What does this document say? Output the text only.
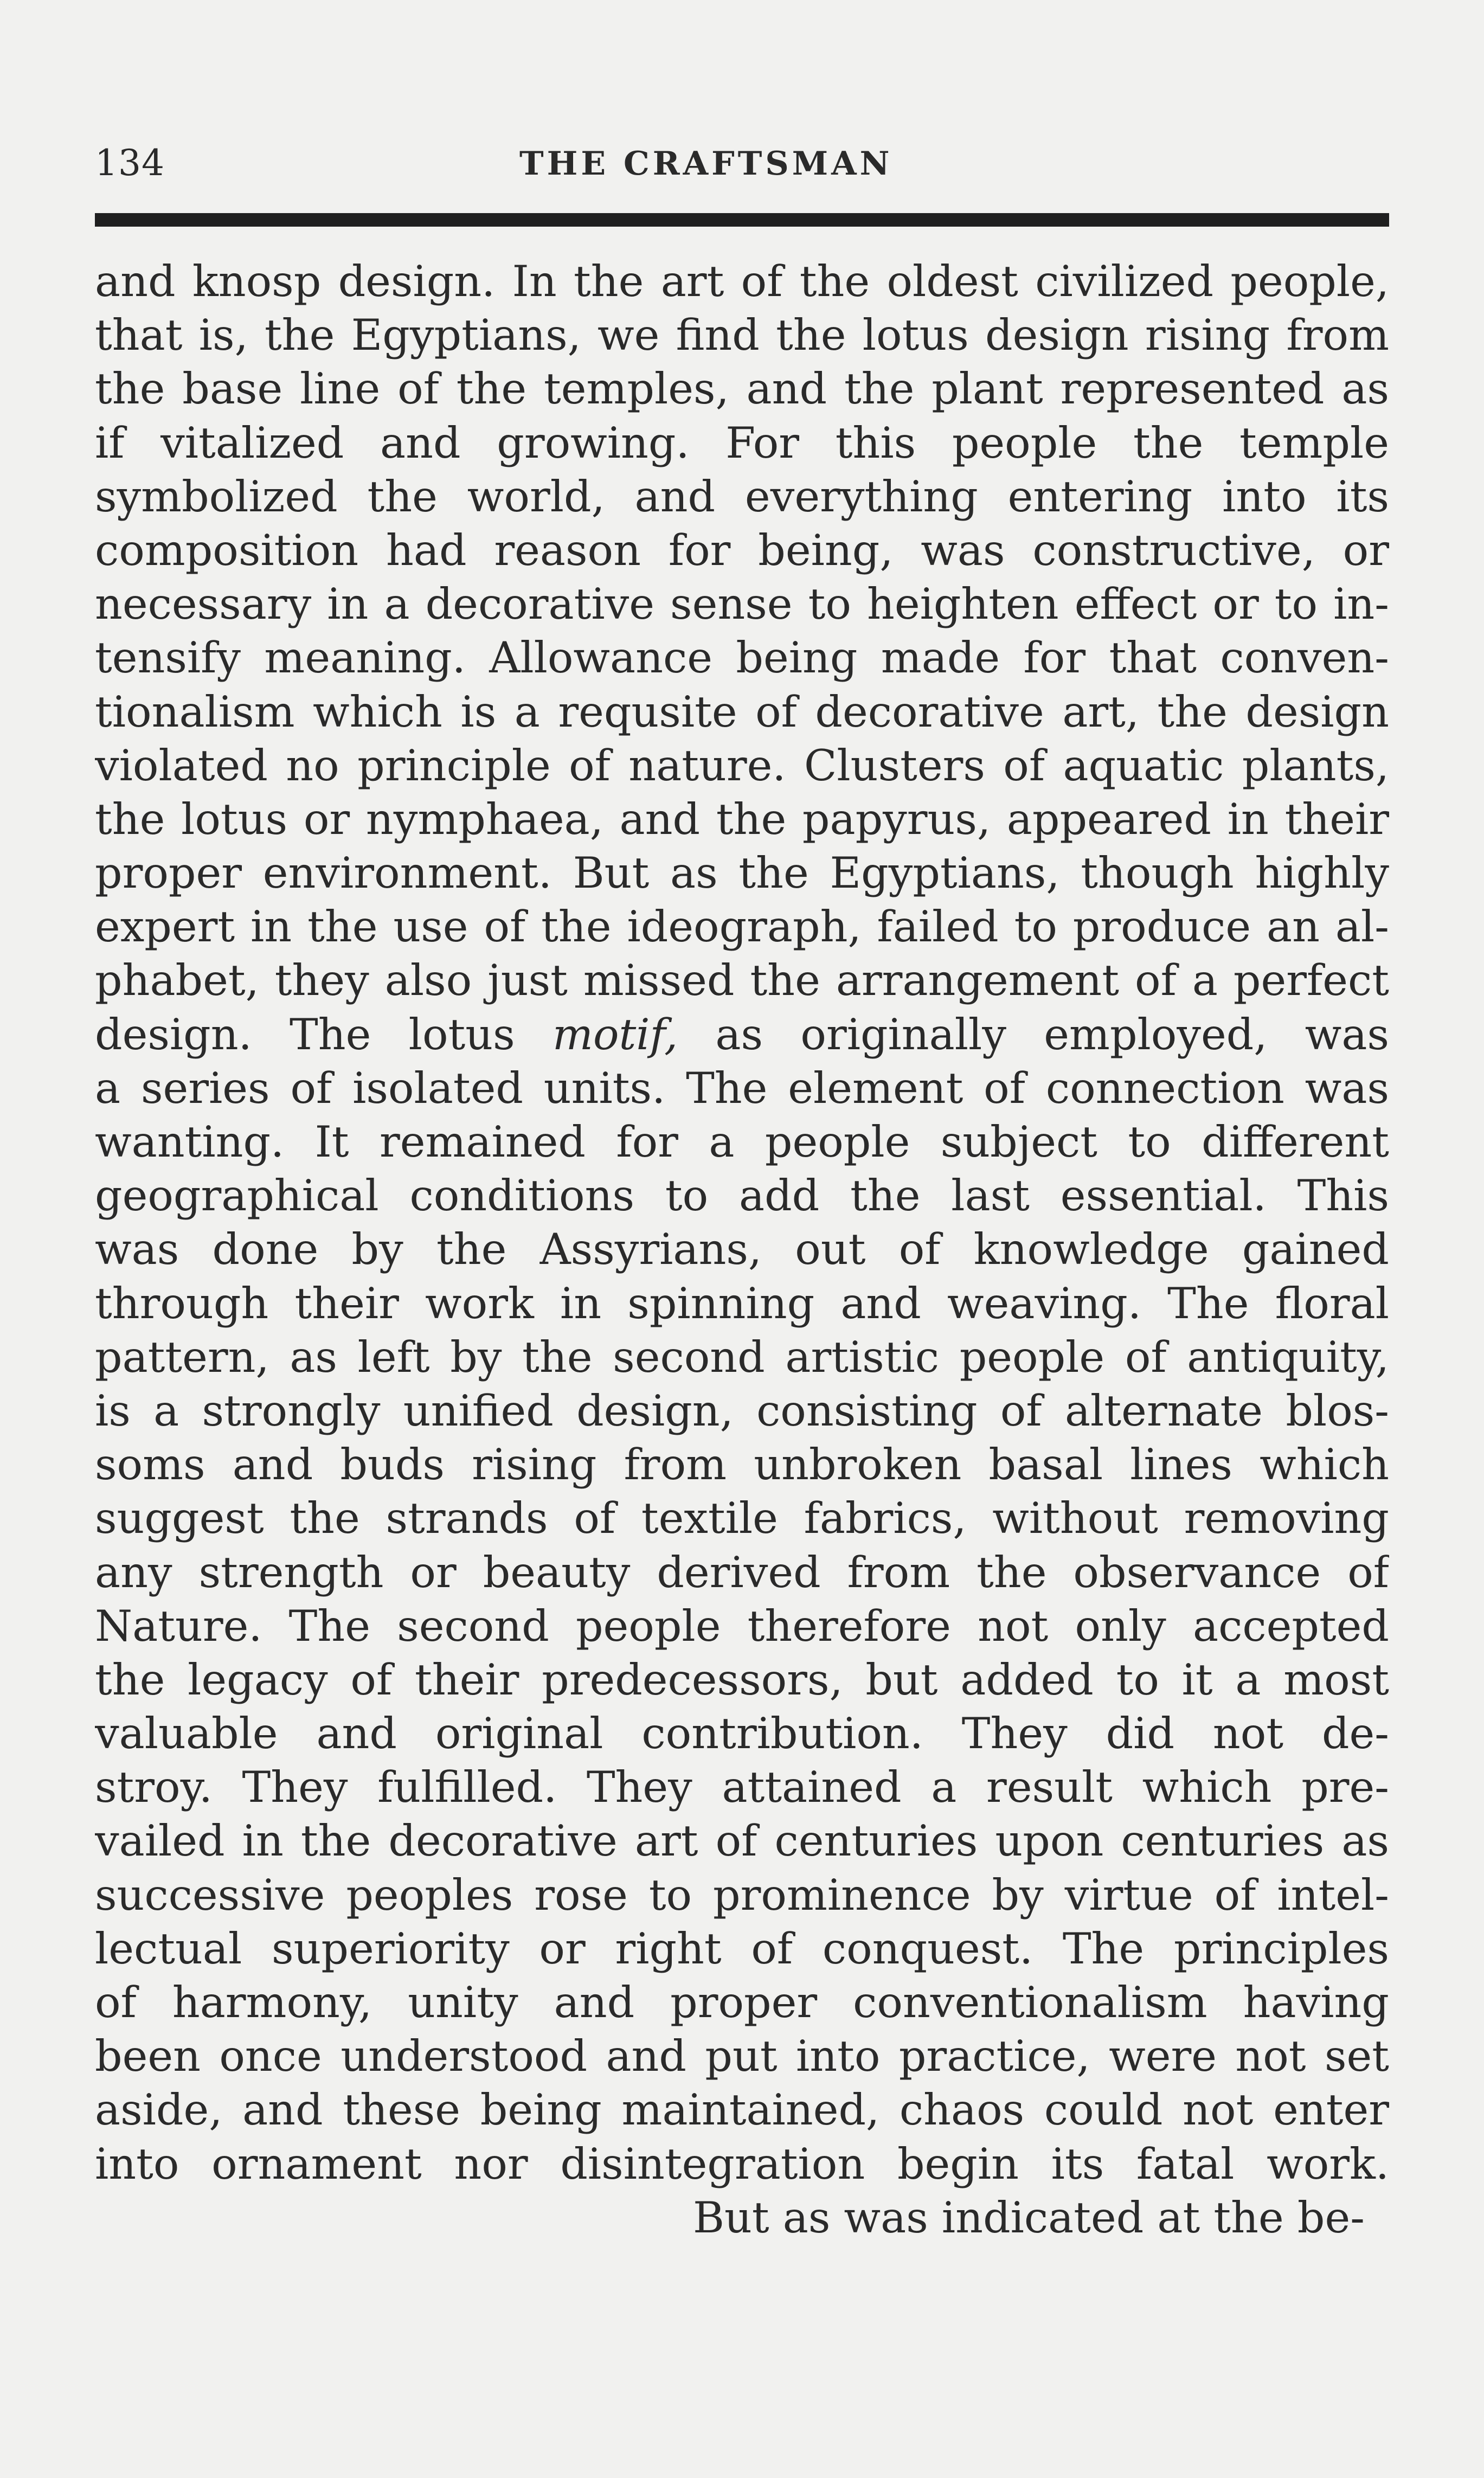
134	THE CRAFTSMAN
and knosp design. In the art of the oldest civilized people,
that is, the Egyptians, we find the lotus design rising from
the base line of the temples, and the plant represented as
if vitalized and growing. For this people the temple
symbolized the world, and everything entering into its
composition had reason for being, was constructive, or
necessary in a decorative sense to heighten effect or to in-
tensify meaning. Allowance being made for that conven-
tionalism which is a requsite of decorative art, the design
violated no principle of nature. Clusters of aquatic plants,
the lotus or nymphaea, and the papyrus, appeared in their
proper environment. But as the Egyptians, though highly
expert in the use of the ideograph, failed to produce an al-
phabet, they also just missed the arrangement of a perfect
design. The lotus motif, as originally employed, was
a series of isolated units. The element of connection was
wanting. It remained for a people subject to different
geographical conditions to add the last essential. This
was done by the Assyrians, out of knowledge gained
through their work in spinning and weaving. The floral
pattern, as left by the second artistic people of antiquity,
is a strongly unified design, consisting of alternate blos-
soms and buds rising from unbroken basal lines which
suggest the strands of textile fabrics, without removing
any strength or beauty derived from the observance of
Nature. The second people therefore not only accepted
the legacy of their predecessors, but added to it a most
valuable and original contribution. They did not de-
stroy. They fulfilled. They attained a result which pre-
vailed in the decorative art of centuries upon centuries as
successive peoples rose to prominence by virtue of intel-
lectual superiority or right of conquest. The principles
of harmony, unity and proper conventionalism having
been once understood and put into practice, were not set
aside, and these being maintained, chaos could not enter
into ornament nor disintegration begin its fatal work.
But as was indicated at the be-
